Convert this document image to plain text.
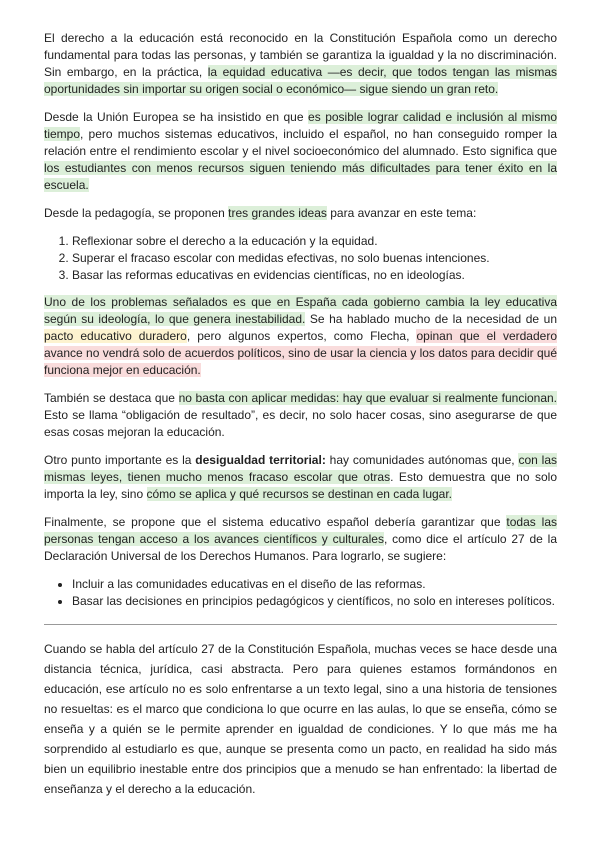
El derecho a la educación está reconocido en la Constitución Española como un derecho fundamental para todas las personas, y también se garantiza la igualdad y la no discriminación. Sin embargo, en la práctica, la equidad educativa —es decir, que todos tengan las mismas oportunidades sin importar su origen social o económico— sigue siendo un gran reto.

Desde la Unión Europea se ha insistido en que es posible lograr calidad e inclusión al mismo tiempo, pero muchos sistemas educativos, incluido el español, no han conseguido romper la relación entre el rendimiento escolar y el nivel socioeconómico del alumnado. Esto significa que los estudiantes con menos recursos siguen teniendo más dificultades para tener éxito en la escuela.

Desde la pedagogía, se proponen tres grandes ideas para avanzar en este tema:

1. Reflexionar sobre el derecho a la educación y la equidad.
2. Superar el fracaso escolar con medidas efectivas, no solo buenas intenciones.
3. Basar las reformas educativas en evidencias científicas, no en ideologías.

Uno de los problemas señalados es que en España cada gobierno cambia la ley educativa según su ideología, lo que genera inestabilidad. Se ha hablado mucho de la necesidad de un pacto educativo duradero, pero algunos expertos, como Flecha, opinan que el verdadero avance no vendrá solo de acuerdos políticos, sino de usar la ciencia y los datos para decidir qué funciona mejor en educación.

También se destaca que no basta con aplicar medidas: hay que evaluar si realmente funcionan. Esto se llama “obligación de resultado”, es decir, no solo hacer cosas, sino asegurarse de que esas cosas mejoran la educación.

Otro punto importante es la desigualdad territorial: hay comunidades autónomas que, con las mismas leyes, tienen mucho menos fracaso escolar que otras. Esto demuestra que no solo importa la ley, sino cómo se aplica y qué recursos se destinan en cada lugar.

Finalmente, se propone que el sistema educativo español debería garantizar que todas las personas tengan acceso a los avances científicos y culturales, como dice el artículo 27 de la Declaración Universal de los Derechos Humanos. Para lograrlo, se sugiere:

• Incluir a las comunidades educativas en el diseño de las reformas.
• Basar las decisiones en principios pedagógicos y científicos, no solo en intereses políticos.

Cuando se habla del artículo 27 de la Constitución Española, muchas veces se hace desde una distancia técnica, jurídica, casi abstracta. Pero para quienes estamos formándonos en educación, ese artículo no es solo enfrentarse a un texto legal, sino a una historia de tensiones no resueltas: es el marco que condiciona lo que ocurre en las aulas, lo que se enseña, cómo se enseña y a quién se le permite aprender en igualdad de condiciones. Y lo que más me ha sorprendido al estudiarlo es que, aunque se presenta como un pacto, en realidad ha sido más bien un equilibrio inestable entre dos principios que a menudo se han enfrentado: la libertad de enseñanza y el derecho a la educación.
